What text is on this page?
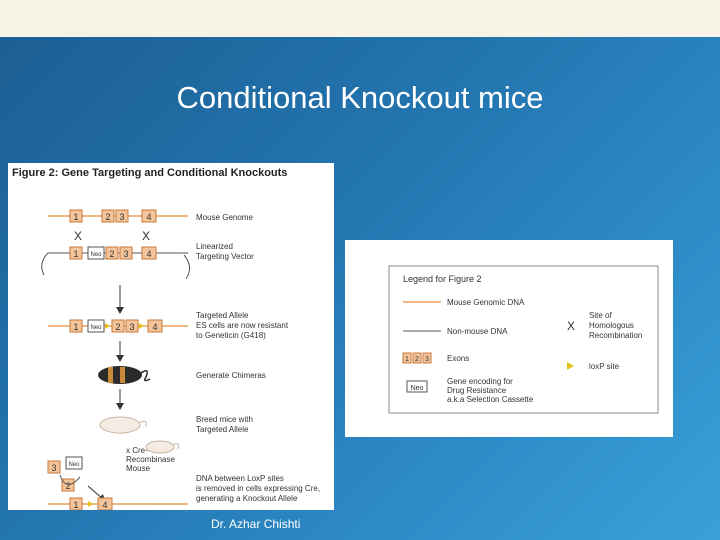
Conditional Knockout mice
Figure 2: Gene Targeting and Conditional Knockouts
1	2 3 4	Mouse Genome
X	X
1 Neo 2 3 4
Linearized
Targeting Vector
1 Neo 2 3 4
Targeted Allele
ES cells are now resistant
to Geneticin (G418)
Generate Chimeras
Breed mice with
Targeted Allele
x Cre-
Recombinase
Mouse
3 Neo
2
1	4
DNA between LoxP sites
is removed in cells expressing Cre,
generating a Knockout Allele
Legend for Figure 2
Mouse Genomic DNA
Non-mouse DNA
1 2 3 Exons
Neo
Gene encoding for
Drug Resistance
a.k.a Selection Cassette
X
Site of
Homologous
Recombination
loxP site
Dr. Azhar Chishti
